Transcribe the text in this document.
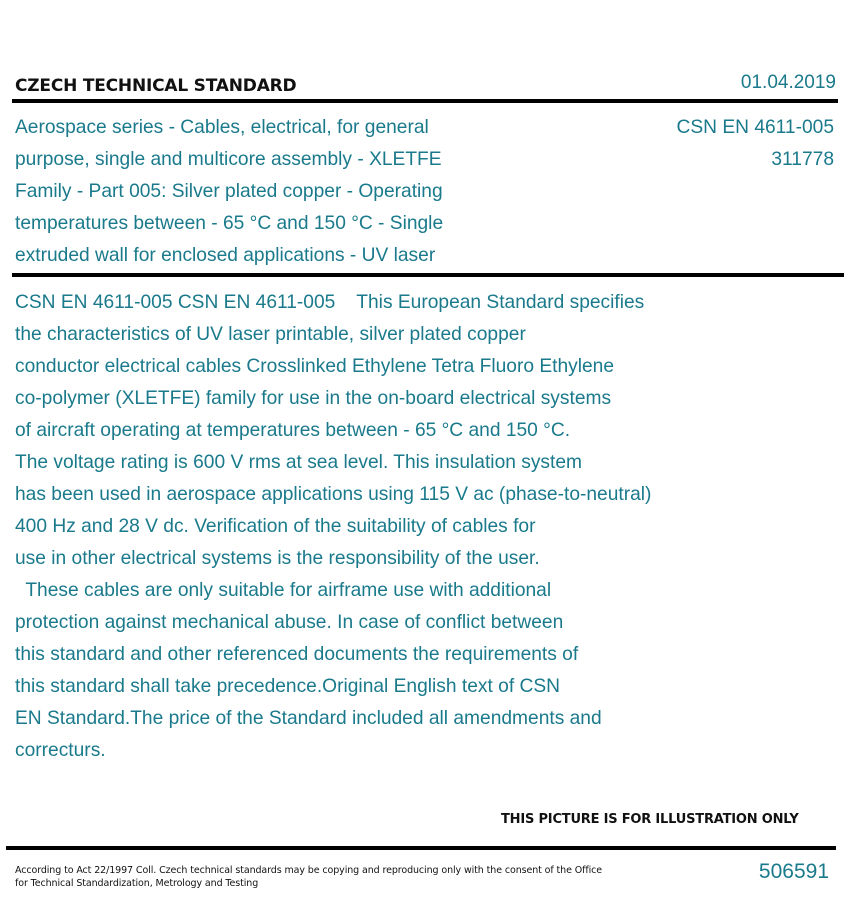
CZECH TECHNICAL STANDARD	01.04.2019
Aerospace series - Cables, electrical, for general
purpose, single and multicore assembly - XLETFE
Family - Part 005: Silver plated copper - Operating
temperatures between - 65 °C and 150 °C - Single
extruded wall for enclosed applications - UV laser
CSN EN 4611-005
311778
CSN EN 4611-005 CSN EN 4611-005    This European Standard specifies
the characteristics of UV laser printable, silver plated copper
conductor electrical cables Crosslinked Ethylene Tetra Fluoro Ethylene
co-polymer (XLETFE) family for use in the on-board electrical systems
of aircraft operating at temperatures between - 65 °C and 150 °C.
The voltage rating is 600 V rms at sea level. This insulation system
has been used in aerospace applications using 115 V ac (phase-to-neutral)
400 Hz and 28 V dc. Verification of the suitability of cables for
use in other electrical systems is the responsibility of the user.
These cables are only suitable for airframe use with additional
protection against mechanical abuse. In case of conflict between
this standard and other referenced documents the requirements of
this standard shall take precedence.Original English text of CSN
EN Standard.The price of the Standard included all amendments and
correcturs.
THIS PICTURE IS FOR ILLUSTRATION ONLY
According to Act 22/1997 Coll. Czech technical standards may be copying and reproducing only with the consent of the Office
for Technical Standardization, Metrology and Testing
506591
